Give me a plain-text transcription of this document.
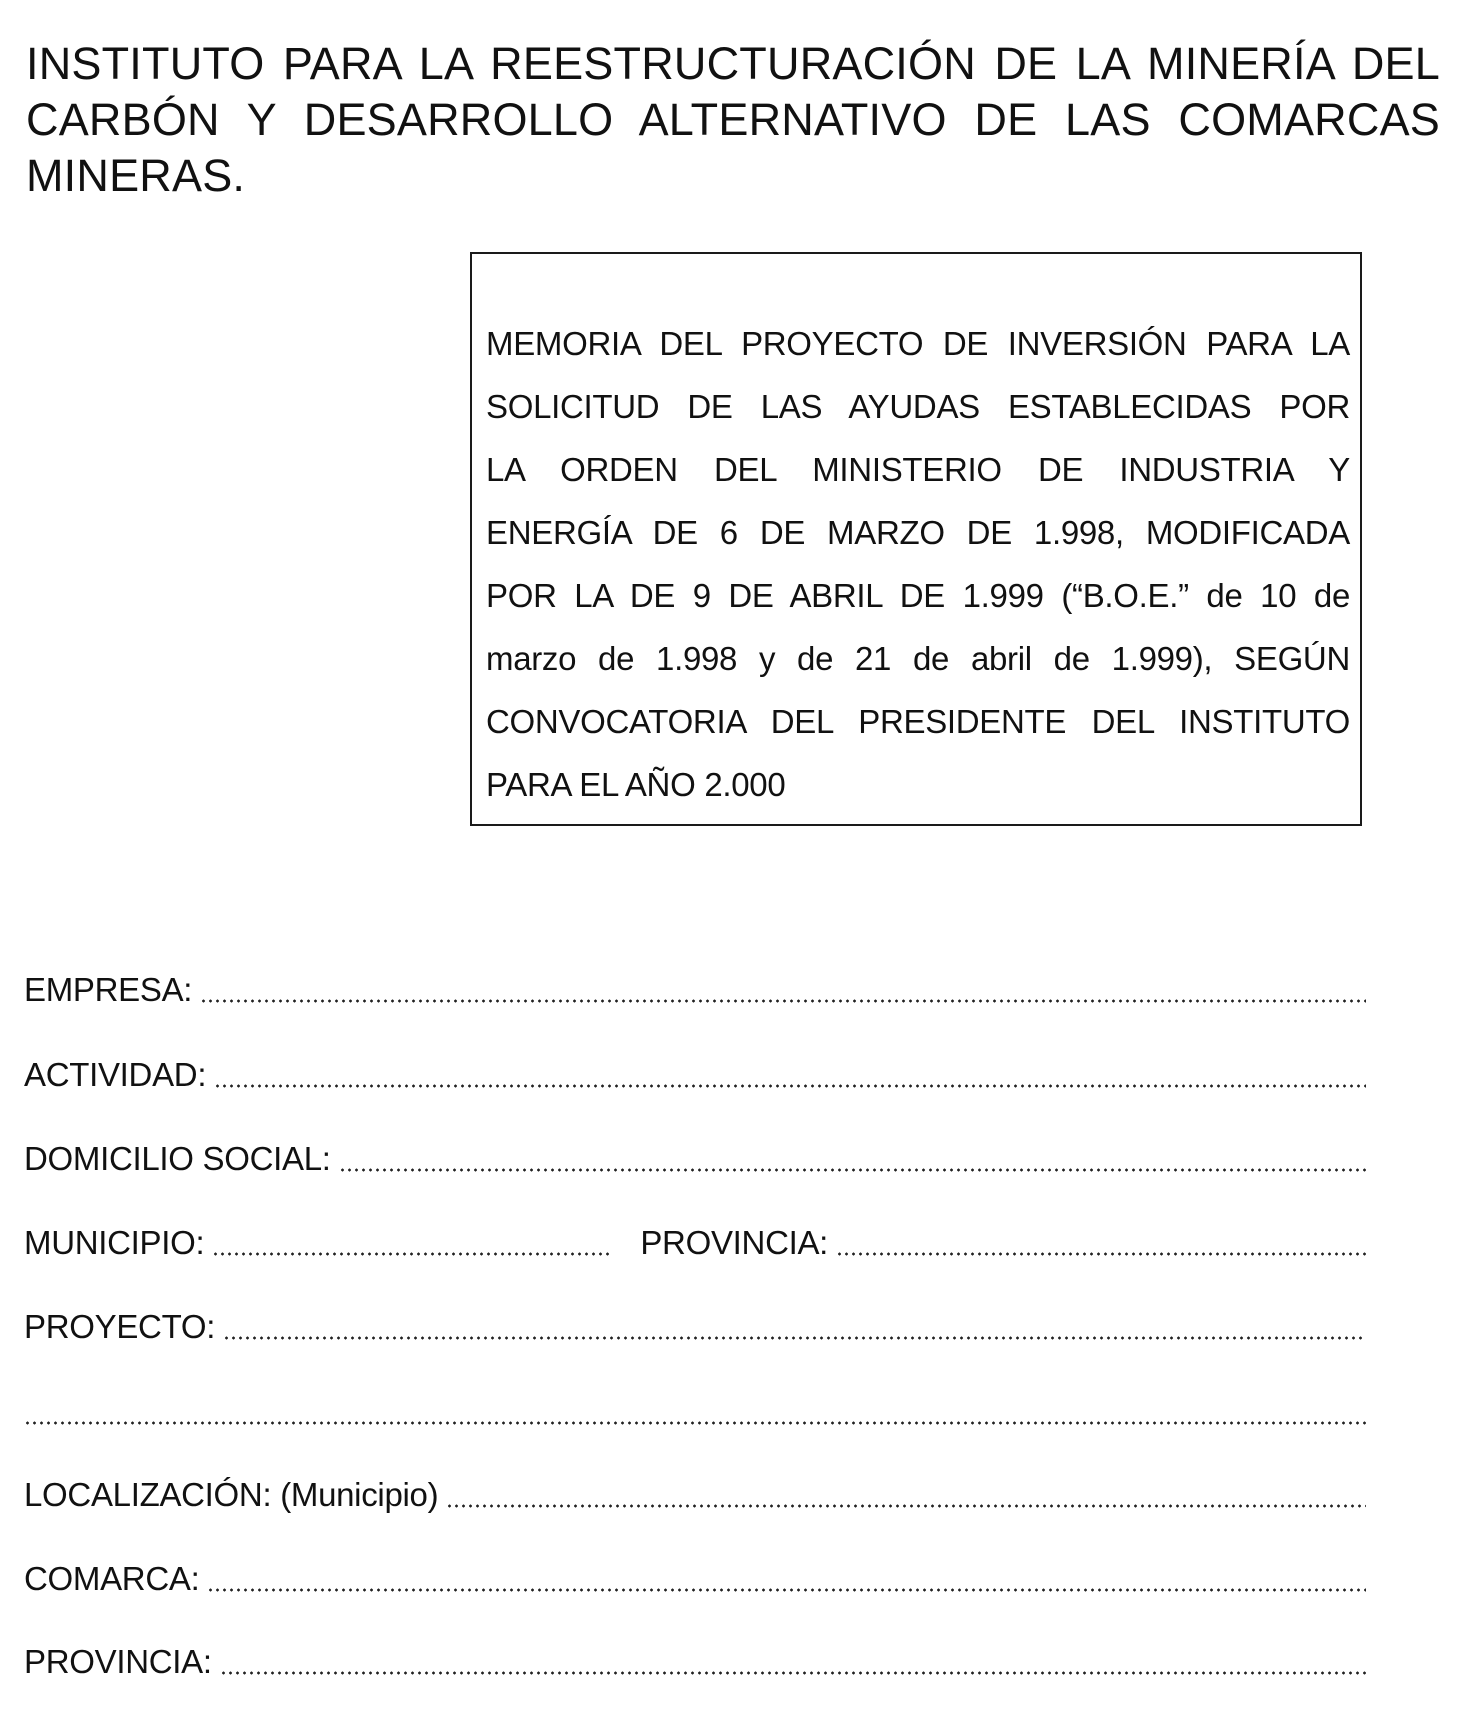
INSTITUTO PARA LA REESTRUCTURACIÓN DE LA MINERÍA DEL
CARBÓN Y DESARROLLO ALTERNATIVO DE LAS COMARCAS
MINERAS.
MEMORIA DEL PROYECTO DE INVERSIÓN PARA LA
SOLICITUD DE LAS AYUDAS ESTABLECIDAS POR
LA ORDEN DEL MINISTERIO DE INDUSTRIA Y
ENERGÍA DE 6 DE MARZO DE 1.998, MODIFICADA
POR LA DE 9 DE ABRIL DE 1.999 (“B.O.E.” de 10 de
marzo de 1.998 y de 21 de abril de 1.999), SEGÚN
CONVOCATORIA DEL PRESIDENTE DEL INSTITUTO
PARA EL AÑO 2.000
EMPRESA:
ACTIVIDAD:
DOMICILIO SOCIAL:
MUNICIPIO:	PROVINCIA:
PROYECTO:
LOCALIZACIÓN: (Municipio)
COMARCA:
PROVINCIA:
